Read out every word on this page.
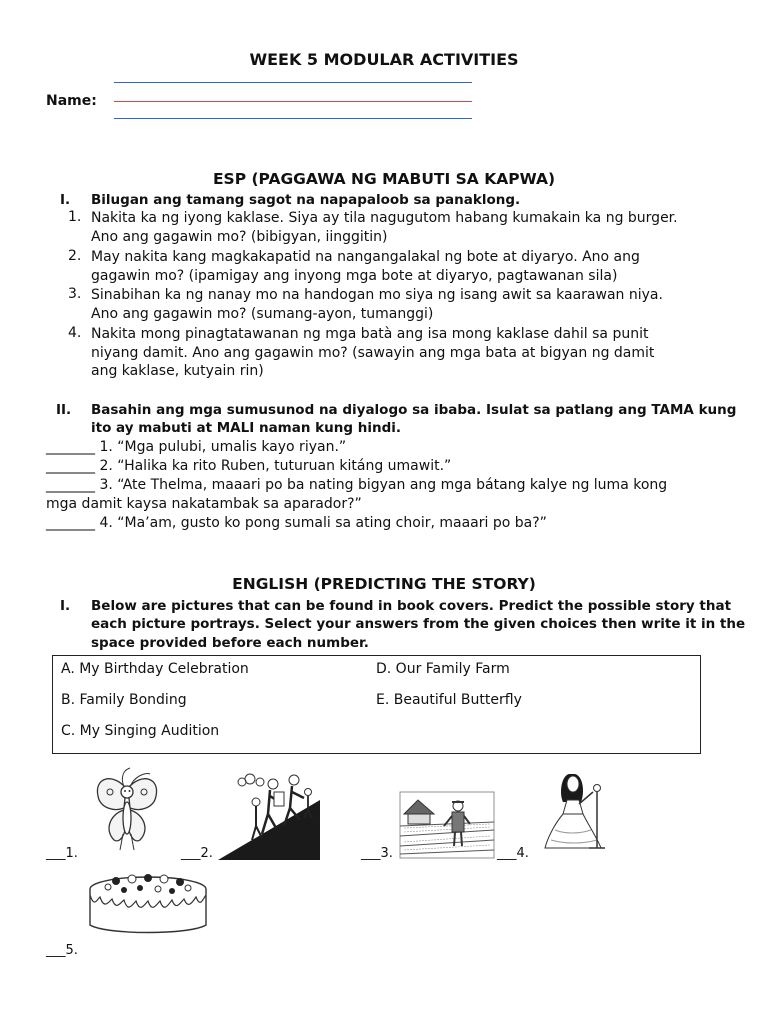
WEEK 5 MODULAR ACTIVITIES
Name:
ESP (PAGGAWA NG MABUTI SA KAPWA)
I. Bilugan ang tamang sagot na napapaloob sa panaklong.
1. Nakita ka ng iyong kaklase. Siya ay tila nagugutom habang kumakain ka ng burger.
Ano ang gagawin mo? (bibigyan, iinggitin)
2. May nakita kang magkakapatid na nangangalakal ng bote at diyaryo. Ano ang
gagawin mo? (ipamigay ang inyong mga bote at diyaryo, pagtawanan sila)
3. Sinabihan ka ng nanay mo na handogan mo siya ng isang awit sa kaarawan niya.
Ano ang gagawin mo? (sumang-ayon, tumanggi)
4. Nakita mong pinagtatawanan ng mga batà ang isa mong kaklase dahil sa punit
niyang damit. Ano ang gagawin mo? (sawayin ang mga bata at bigyan ng damit
ang kaklase, kutyain rin)
II. Basahin ang mga sumusunod na diyalogo sa ibaba. Isulat sa patlang ang TAMA kung
ito ay mabuti at MALI naman kung hindi.
_______ 1. “Mga pulubi, umalis kayo riyan.”
_______ 2. “Halika ka rito Ruben, tuturuan kitáng umawit.”
_______ 3. “Ate Thelma, maaari po ba nating bigyan ang mga bátang kalye ng luma kong
mga damit kaysa nakatambak sa aparador?”
_______ 4. “Ma’am, gusto ko pong sumali sa ating choir, maaari po ba?”
ENGLISH (PREDICTING THE STORY)
I. Below are pictures that can be found in book covers. Predict the possible story that
each picture portrays. Select your answers from the given choices then write it in the
space provided before each number.
A. My Birthday Celebration
B. Family Bonding
C. My Singing Audition
D. Our Family Farm
E. Beautiful Butterfly
___1.	___2.	___3.	___4.
___5.
